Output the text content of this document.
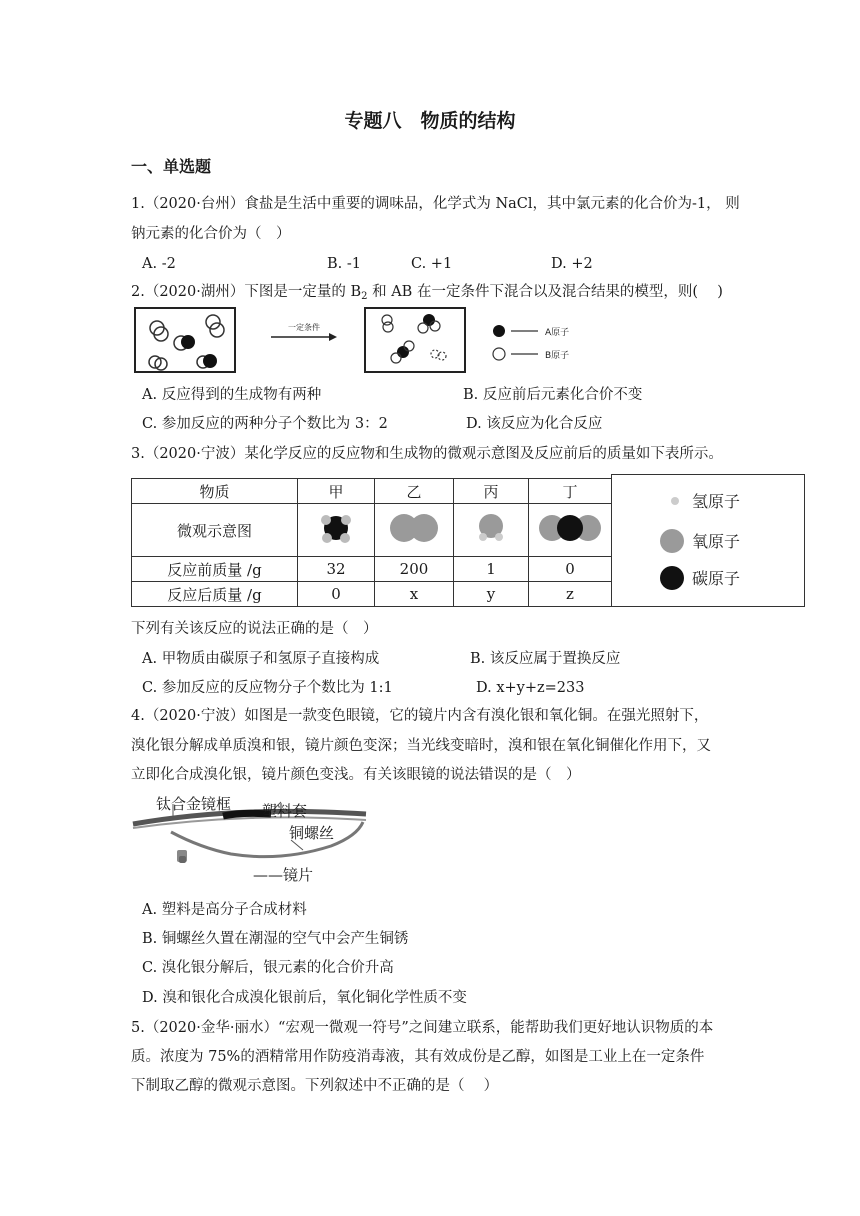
专题八　物质的结构
一、单选题
1.（2020·台州）食盐是生活中重要的调味品，化学式为 NaCl，其中氯元素的化合价为-1， 则
钠元素的化合价为（　）
A. -2	B. -1	C. +1	D. +2
2.（2020·湖州）下图是一定量的 $B_2$ 和 AB 在一定条件下混合以及混合结果的模型，则(　 )
一定条件
A原子
B原子
A. 反应得到的生成物有两种	B. 反应前后元素化合价不变
C. 参加反应的两种分子个数比为 3：2	D. 该反应为化合反应
3.（2020·宁波）某化学反应的反应物和生成物的微观示意图及反应前后的质量如下表所示。
物质	甲	乙	丙	丁
微观示意图				
反应前质量 /g	32	200	1	0
反应后质量 /g	0	x	y	z
氢原子
氧原子
碳原子
下列有关该反应的说法正确的是（　）
A. 甲物质由碳原子和氢原子直接构成	B. 该反应属于置换反应
C. 参加反应的反应物分子个数比为 1:1	D. x+y+z=233
4.（2020·宁波）如图是一款变色眼镜，它的镜片内含有溴化银和氧化铜。在强光照射下，
溴化银分解成单质溴和银，镜片颜色变深；当光线变暗时，溴和银在氧化铜催化作用下，又
立即化合成溴化银，镜片颜色变浅。有关该眼镜的说法错误的是（　）
钛合金镜框 塑料套
铜螺丝
——镜片
A. 塑料是高分子合成材料
B. 铜螺丝久置在潮湿的空气中会产生铜锈
C. 溴化银分解后，银元素的化合价升高
D. 溴和银化合成溴化银前后，氧化铜化学性质不变
5.（2020·金华·丽水）“宏观一微观一符号”之间建立联系，能帮助我们更好地认识物质的本
质。浓度为 75%的酒精常用作防疫消毒液，其有效成份是乙醇，如图是工业上在一定条件
下制取乙醇的微观示意图。下列叙述中不正确的是（　 ）
